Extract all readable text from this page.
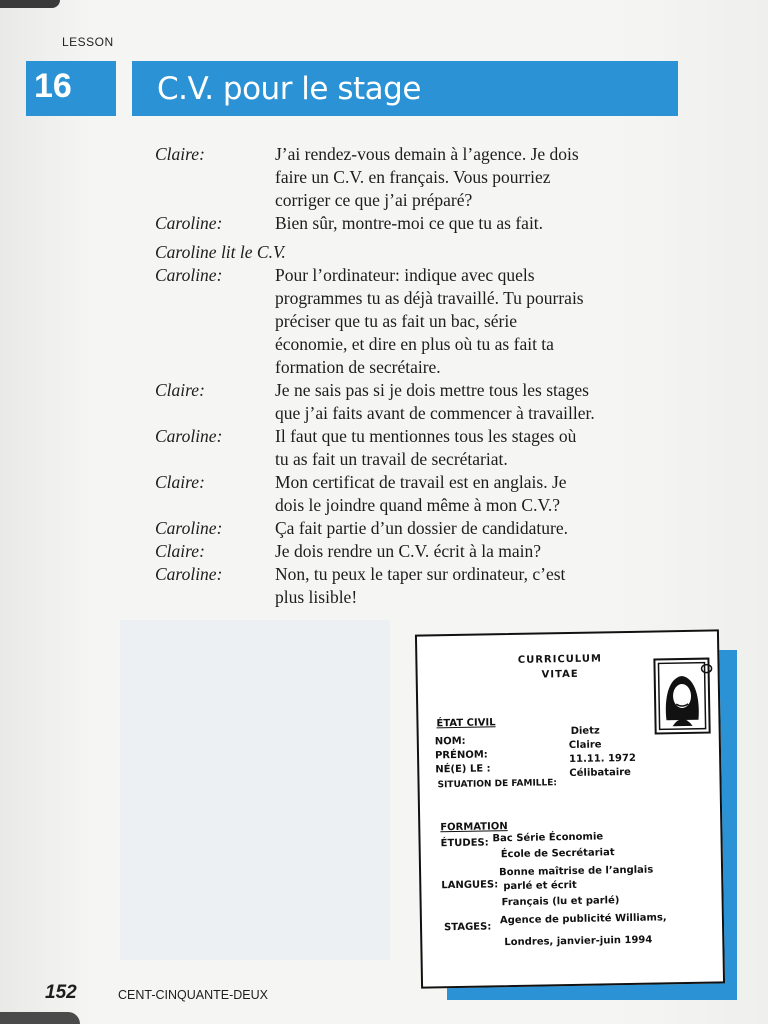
LESSON
16	C.V. pour le stage
Claire:	J’ai rendez-vous demain à l’agence. Je dois
faire un C.V. en français. Vous pourriez
corriger ce que j’ai préparé?
Caroline:	Bien sûr, montre-moi ce que tu as fait.
Caroline lit le C.V.
Caroline:	Pour l’ordinateur: indique avec quels
programmes tu as déjà travaillé. Tu pourrais
préciser que tu as fait un bac, série
économie, et dire en plus où tu as fait ta
formation de secrétaire.
Claire:	Je ne sais pas si je dois mettre tous les stages
que j’ai faits avant de commencer à travailler.
Caroline:	Il faut que tu mentionnes tous les stages où
tu as fait un travail de secrétariat.
Claire:	Mon certificat de travail est en anglais. Je
dois le joindre quand même à mon C.V.?
Caroline:	Ça fait partie d’un dossier de candidature.
Claire:	Je dois rendre un C.V. écrit à la main?
Caroline:	Non, tu peux le taper sur ordinateur, c’est
plus lisible!
CURRICULUM
VITAE
ÉTAT CIVIL
NOM:
Dietz
PRÉNOM:
Claire
NÉ(E) LE :
11.11. 1972
SITUATION DE FAMILLE:
Célibataire
FORMATION
ÉTUDES: Bac Série Économie
École de Secrétariat
LANGUES:
Bonne maîtrise de l’anglais
parlé et écrit
Français (lu et parlé)
STAGES:
Agence de publicité Williams,
Londres, janvier-juin 1994
152	CENT-CINQUANTE-DEUX
